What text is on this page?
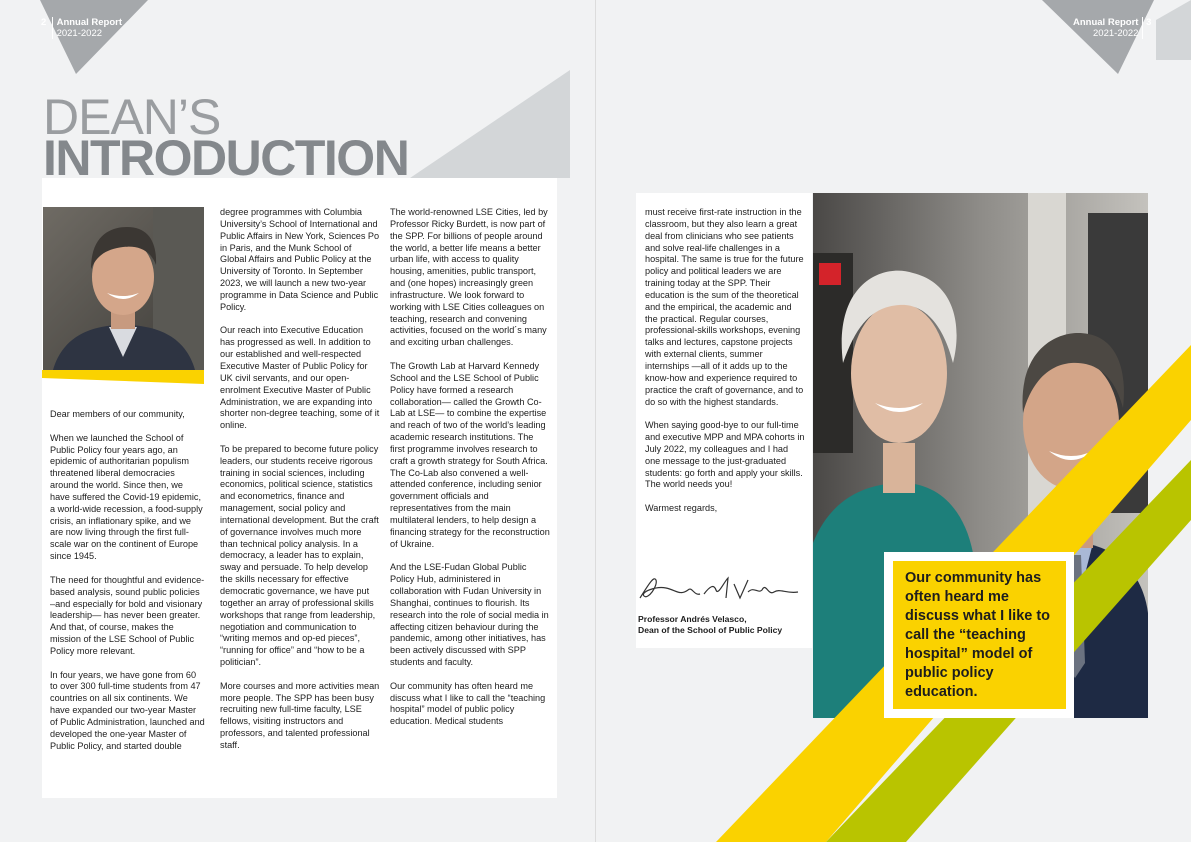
2 Annual Report
2021-2022
DEAN’S
INTRODUCTION

Dear members of our community,

When we launched the School of Public Policy four years ago, an epidemic of authoritarian populism threatened liberal democracies around the world. Since then, we have suffered the Covid-19 epidemic, a world-wide recession, a food-supply crisis, an inflationary spike, and we are now living through the first full-scale war on the continent of Europe since 1945.

The need for thoughtful and evidence-based analysis, sound public policies –and especially for bold and visionary leadership— has never been greater. And that, of course, makes the mission of the LSE School of Public Policy more relevant.

In four years, we have gone from 60 to over 300 full-time students from 47 countries on all six continents. We have expanded our two-year Master of Public Administration, launched and developed the one-year Master of Public Policy, and started double

degree programmes with Columbia University’s School of International and Public Affairs in New York, Sciences Po in Paris, and the Munk School of Global Affairs and Public Policy at the University of Toronto. In September 2023, we will launch a new two-year programme in Data Science and Public Policy.

Our reach into Executive Education has progressed as well. In addition to our established and well-respected Executive Master of Public Policy for UK civil servants, and our open-enrolment Executive Master of Public Administration, we are expanding into shorter non-degree teaching, some of it online.

To be prepared to become future policy leaders, our students receive rigorous training in social sciences, including economics, political science, statistics and econometrics, finance and management, social policy and international development. But the craft of governance involves much more than technical policy analysis. In a democracy, a leader has to explain, sway and persuade. To help develop the skills necessary for effective democratic governance, we have put together an array of professional skills workshops that range from leadership, negotiation and communication to “writing memos and op-ed pieces”, “running for office” and “how to be a politician”.

More courses and more activities mean more people. The SPP has been busy recruiting new full-time faculty, LSE fellows, visiting instructors and professors, and talented professional staff.

The world-renowned LSE Cities, led by Professor Ricky Burdett, is now part of the SPP. For billions of people around the world, a better life means a better urban life, with access to quality housing, amenities, public transport, and (one hopes) increasingly green infrastructure. We look forward to working with LSE Cities colleagues on teaching, research and convening activities, focused on the world´s many and exciting urban challenges.

The Growth Lab at Harvard Kennedy School and the LSE School of Public Policy have formed a research collaboration— called the Growth Co-Lab at LSE— to combine the expertise and reach of two of the world’s leading academic research institutions. The first programme involves research to craft a growth strategy for South Africa. The Co-Lab also convened a well-attended conference, including senior government officials and representatives from the main multilateral lenders, to help design a financing strategy for the reconstruction of Ukraine.

And the LSE-Fudan Global Public Policy Hub, administered in collaboration with Fudan University in Shanghai, continues to flourish. Its research into the role of social media in affecting citizen behaviour during the pandemic, among other initiatives, has been actively discussed with SPP students and faculty.

Our community has often heard me discuss what I like to call the “teaching hospital” model of public policy education. Medical students

Annual Report
2021-2022 3

must receive first-rate instruction in the classroom, but they also learn a great deal from clinicians who see patients and solve real-life challenges in a hospital. The same is true for the future policy and political leaders we are training today at the SPP. Their education is the sum of the theoretical and the empirical, the academic and the practical. Regular courses, professional-skills workshops, evening talks and lectures, capstone projects with external clients, summer internships —all of it adds up to the know-how and experience required to practice the craft of governance, and to do so with the highest standards.

When saying good-bye to our full-time and executive MPP and MPA cohorts in July 2022, my colleagues and I had one message to the just-graduated students: go forth and apply your skills. The world needs you!

Warmest regards,

Professor Andrés Velasco,
Dean of the School of Public Policy
Our community has often heard me discuss what I like to call the “teaching hospital” model of public policy education.
